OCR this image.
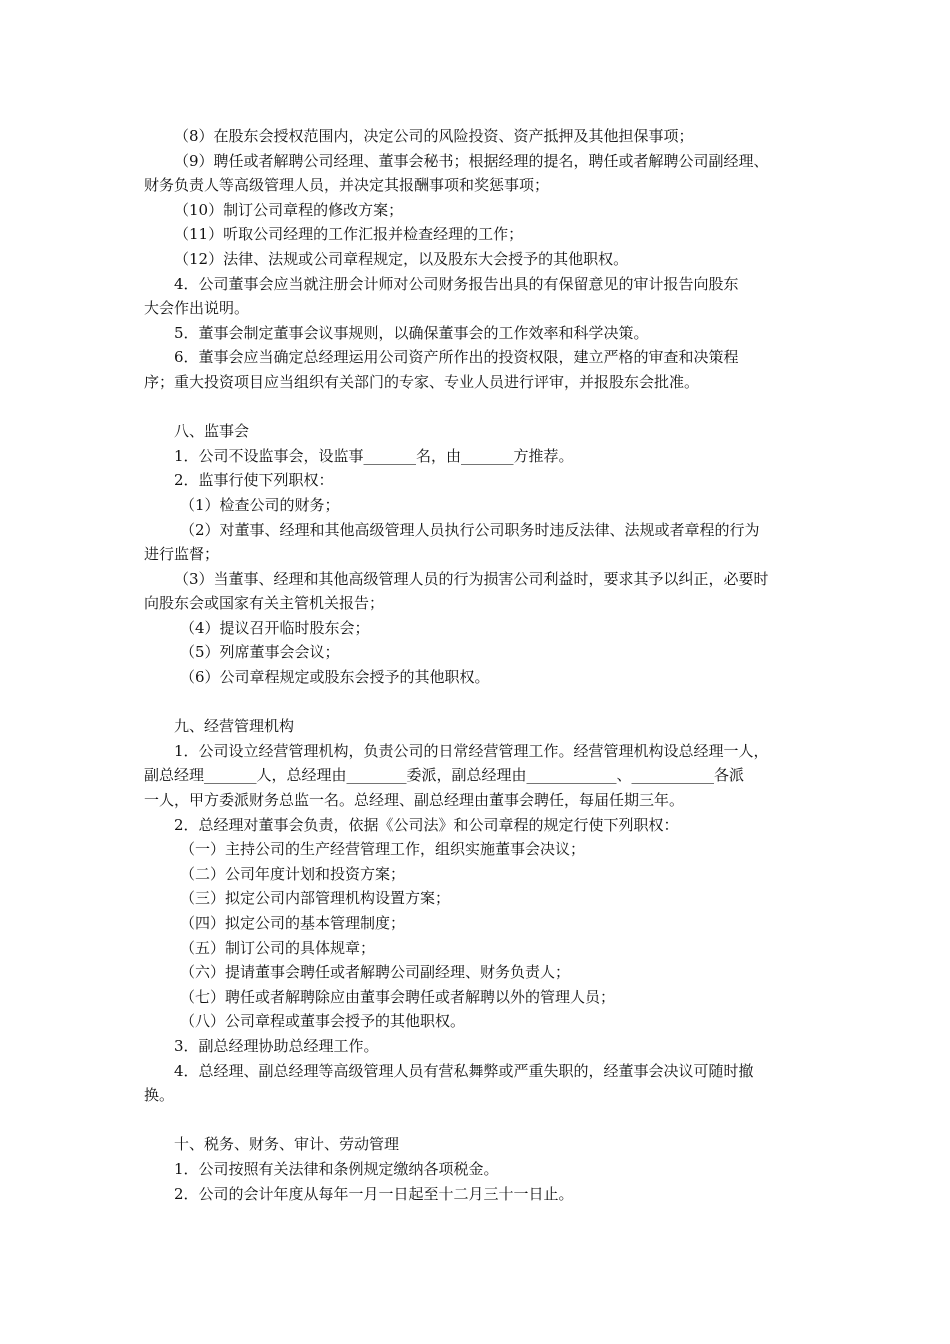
（8）在股东会授权范围内，决定公司的风险投资、资产抵押及其他担保事项；
（9）聘任或者解聘公司经理、董事会秘书；根据经理的提名，聘任或者解聘公司副经理、
财务负责人等高级管理人员，并决定其报酬事项和奖惩事项；
（10）制订公司章程的修改方案；
（11）听取公司经理的工作汇报并检查经理的工作；
（12）法律、法规或公司章程规定，以及股东大会授予的其他职权。
4．公司董事会应当就注册会计师对公司财务报告出具的有保留意见的审计报告向股东
大会作出说明。
5．董事会制定董事会议事规则，以确保董事会的工作效率和科学决策。
6．董事会应当确定总经理运用公司资产所作出的投资权限，建立严格的审查和决策程
序；重大投资项目应当组织有关部门的专家、专业人员进行评审，并报股东会批准。
八、监事会
1．公司不设监事会，设监事_______名，由_______方推荐。
2．监事行使下列职权：
（1）检查公司的财务；
（2）对董事、经理和其他高级管理人员执行公司职务时违反法律、法规或者章程的行为
进行监督；
（3）当董事、经理和其他高级管理人员的行为损害公司利益时，要求其予以纠正，必要时
向股东会或国家有关主管机关报告；
（4）提议召开临时股东会；
（5）列席董事会会议；
（6）公司章程规定或股东会授予的其他职权。
九、经营管理机构
1．公司设立经营管理机构，负责公司的日常经营管理工作。经营管理机构设总经理一人，
副总经理_______人，总经理由________委派，副总经理由____________、___________各派
一人，甲方委派财务总监一名。总经理、副总经理由董事会聘任，每届任期三年。
2．总经理对董事会负责，依据《公司法》和公司章程的规定行使下列职权：
（一）主持公司的生产经营管理工作，组织实施董事会决议；
（二）公司年度计划和投资方案；
（三）拟定公司内部管理机构设置方案；
（四）拟定公司的基本管理制度；
（五）制订公司的具体规章；
（六）提请董事会聘任或者解聘公司副经理、财务负责人；
（七）聘任或者解聘除应由董事会聘任或者解聘以外的管理人员；
（八）公司章程或董事会授予的其他职权。
3．副总经理协助总经理工作。
4．总经理、副总经理等高级管理人员有营私舞弊或严重失职的，经董事会决议可随时撤
换。
十、税务、财务、审计、劳动管理
1．公司按照有关法律和条例规定缴纳各项税金。
2．公司的会计年度从每年一月一日起至十二月三十一日止。
